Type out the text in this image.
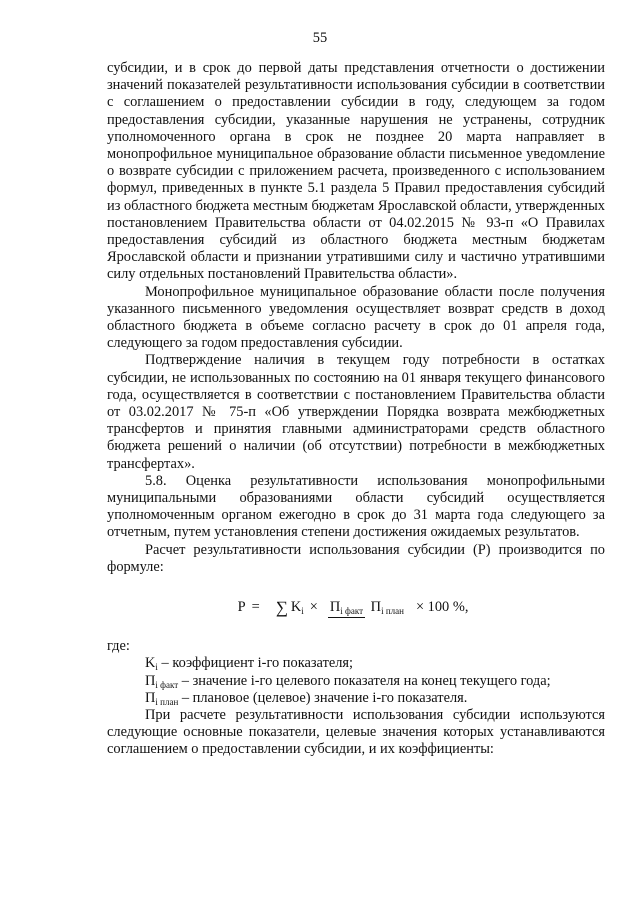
55

субсидии, и в срок до первой даты представления отчетности о достижении значений показателей результативности использования субсидии в соответствии с соглашением о предоставлении субсидии в году, следующем за годом предоставления субсидии, указанные нарушения не устранены, сотрудник уполномоченного органа в срок не позднее 20 марта направляет в монопрофильное муниципальное образование области письменное уведомление о возврате субсидии с приложением расчета, произведенного с использованием формул, приведенных в пункте 5.1 раздела 5 Правил предоставления субсидий из областного бюджета местным бюджетам Ярославской области, утвержденных постановлением Правительства области от 04.02.2015 № 93-п «О Правилах предоставления субсидий из областного бюджета местным бюджетам Ярославской области и признании утратившими силу и частично утратившими силу отдельных постановлений Правительства области».

Монопрофильное муниципальное образование области после получения указанного письменного уведомления осуществляет возврат средств в доход областного бюджета в объеме согласно расчету в срок до 01 апреля года, следующего за годом предоставления субсидии.

Подтверждение наличия в текущем году потребности в остатках субсидии, не использованных по состоянию на 01 января текущего финансового года, осуществляется в соответствии с постановлением Правительства области от 03.02.2017 № 75-п «Об утверждении Порядка возврата межбюджетных трансфертов и принятия главными администраторами средств областного бюджета решений о наличии (об отсутствии) потребности в межбюджетных трансфертах».

5.8. Оценка результативности использования монопрофильными муниципальными образованиями области субсидий осуществляется уполномоченным органом ежегодно в срок до 31 марта года следующего за отчетным, путем установления степени достижения ожидаемых результатов.

Расчет результативности использования субсидии (Р) производится по формуле:

Р = ∑ $K_i \times П_{i факт}$ $П_{i план} \times 100$ %,

где:

$K_i$ – коэффициент i-го показателя;

$П_{i факт}$ – значение i-го целевого показателя на конец текущего года;

$П_{i план}$ – плановое (целевое) значение i-го показателя.

При расчете результативности использования субсидии используются следующие основные показатели, целевые значения которых устанавливаются соглашением о предоставлении субсидии, и их коэффициенты:
